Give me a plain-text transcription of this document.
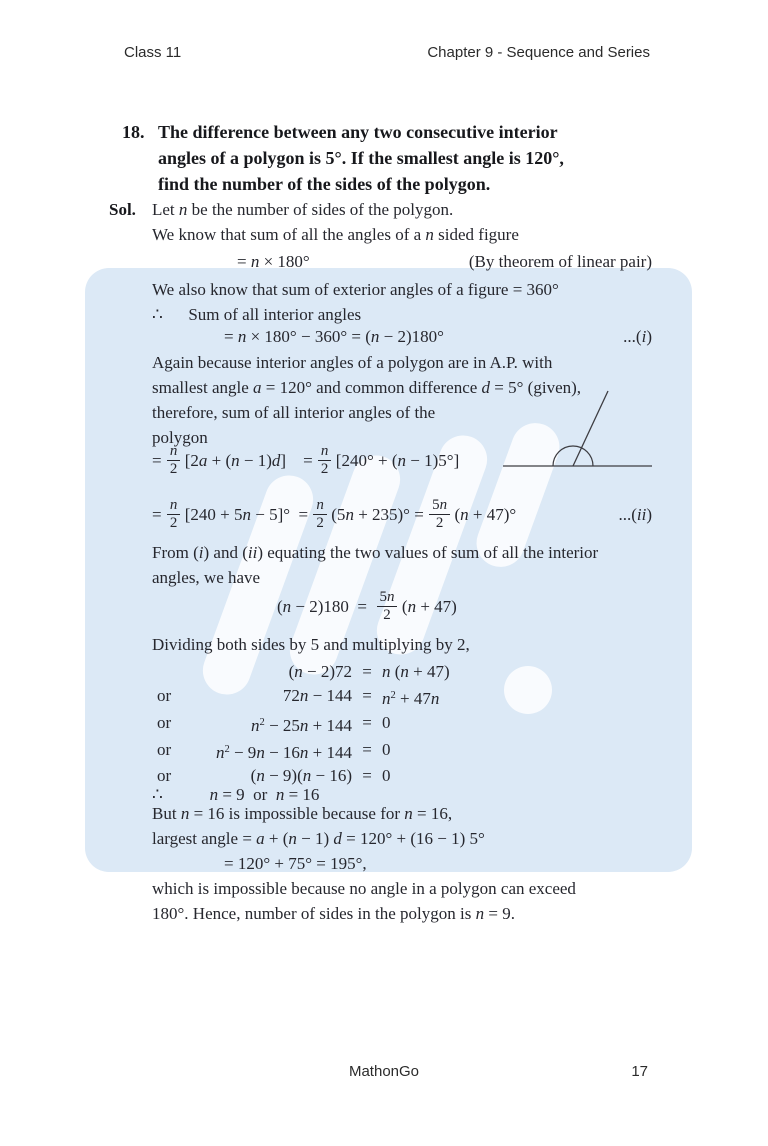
Class 11	Chapter 9 - Sequence and Series
18. The difference between any two consecutive interior
angles of a polygon is 5°. If the smallest angle is 120°,
find the number of the sides of the polygon.
Sol. Let n be the number of sides of the polygon.
We know that sum of all the angles of a n sided figure
= n × 180°	(By theorem of linear pair)
We also know that sum of exterior angles of a figure = 360°
∴      Sum of all interior angles
= n × 180° − 360° = ( n − 2)180°	...(i)
Again because interior angles of a polygon are in A.P. with
smallest angle a = 120° and common difference d = 5° (given),
therefore, sum of all interior angles of the
polygon
= $\frac{n}{2} [2$ a + ( n − 1) d ]    = $\frac{n}{2} [240^\circ$ + ( n − 1)5°]
= $\frac{n}{2} [240 + 5$ $n - 5]^\circ = \frac{n}{2} (5$ $n + 235)^\circ = \frac{5n}{2}$  ( n + 47)°	...(ii)
From (i) and (ii) equating the two values of sum of all the interior
angles, we have
( $n - 2)180 = \frac{5n}{2}$  ( n + 47)
Dividing both sides by 5 and multiplying by 2,
(n − 2)72 = n (n + 47)
or	$72n - 144 = n^2 + 47n$
or	$n^2 - 25n + 144 = 0$
or	$n^2 - 9n - 16n + 144 = 0$
or	(n − 9)(n − 16) = 0
∴           n = 9  or  n = 16
But n = 16 is impossible because for n = 16,
largest angle = a + (n − 1) d = 120° + (16 − 1) 5°
= 120° + 75° = 195°,
which is impossible because no angle in a polygon can exceed
180°. Hence, number of sides in the polygon is n = 9.
MathonGo	17
